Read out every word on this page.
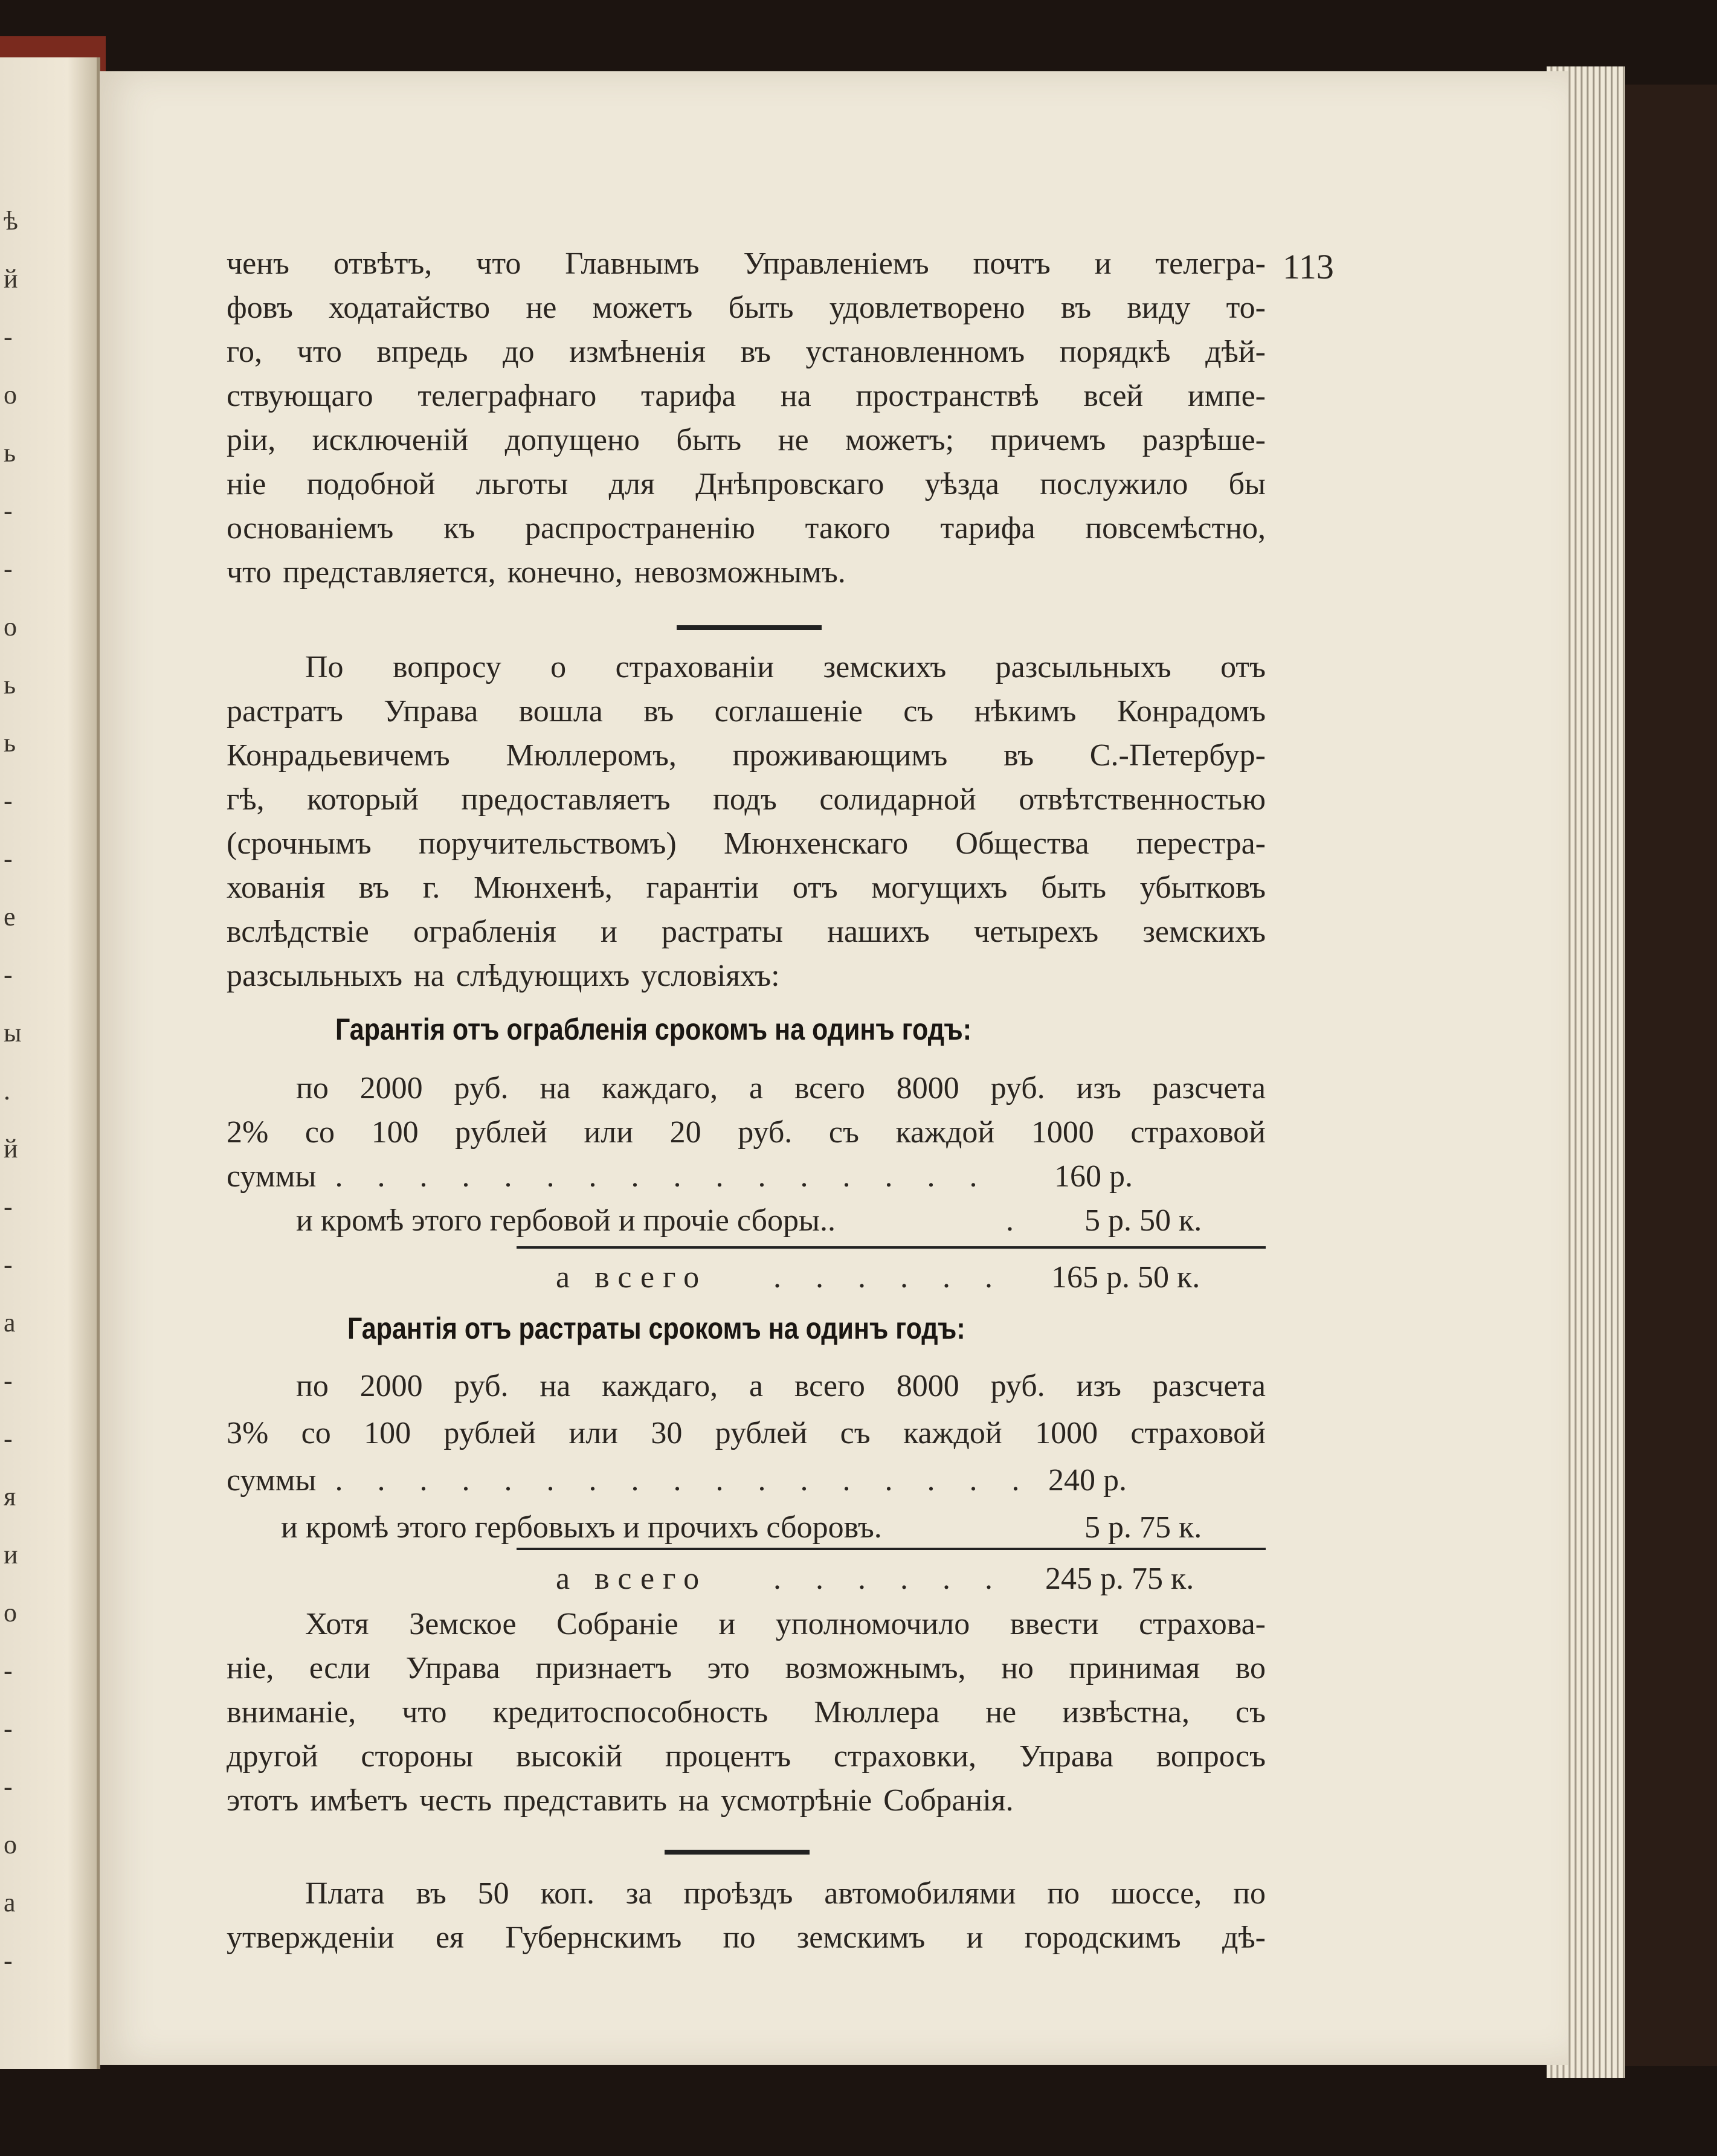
ѣ
й
-
о
ь
-
-
о
ь
ь
-
-
е
-
ы
.
й
-
-
а
-
-
я
и
о
-
-
-
о
а
-
113
ченъ отвѣтъ, что Главнымъ Управленіемъ почтъ и телегра-
фовъ ходатайство не можетъ быть удовлетворено въ виду то-
го, что впредь до измѣненія въ установленномъ порядкѣ дѣй-
ствующаго телеграфнаго тарифа на пространствѣ всей импе-
ріи, исключеній допущено быть не можетъ; причемъ разрѣше-
ніе подобной льготы для Днѣпровскаго уѣзда послужило бы
основаніемъ къ распространенію такого тарифа повсемѣстно,
что представляется, конечно, невозможнымъ.
По вопросу о страхованіи земскихъ разсыльныхъ отъ
растратъ Управа вошла въ соглашеніе съ нѣкимъ Конрадомъ
Конрадьевичемъ Мюллеромъ, проживающимъ въ С.-Петербур-
гѣ, который предоставляетъ подъ солидарной отвѣтственностью
(срочнымъ поручительствомъ) Мюнхенскаго Общества перестра-
хованія въ г. Мюнхенѣ, гарантіи отъ могущихъ быть убытковъ
вслѣдствіе ограбленія и растраты нашихъ четырехъ земскихъ
разсыльныхъ на слѣдующихъ условіяхъ:
Гарантія отъ ограбленія срокомъ на одинъ годъ:
по 2000 руб. на каждаго, а всего 8000 руб. изъ разсчета
2% со 100 рублей или 20 руб. съ каждой 1000 страховой
суммы . . . . . . . . . . . . . . . . 160 р.
и кромѣ этого гербовой и прочіе сборы..	. 5 р. 50 к.
а всего . . . . . . 165 р. 50 к.
Гарантія отъ растраты срокомъ на одинъ годъ:
по 2000 руб. на каждаго, а всего 8000 руб. изъ разсчета
3% со 100 рублей или 30 рублей съ каждой 1000 страховой
суммы . . . . . . . . . . . . . . . . . 240 р.
и кромѣ этого гербовыхъ и прочихъ сборовъ.	5 р. 75 к.
а всего . . . . . . 245 р. 75 к.
Хотя Земское Собраніе и уполномочило ввести страхова-
ніе, если Управа признаетъ это возможнымъ, но принимая во
вниманіе, что кредитоспособность Мюллера не извѣстна, съ
другой стороны высокій процентъ страховки, Управа вопросъ
этотъ имѣетъ честь представить на усмотрѣніе Собранія.
Плата въ 50 коп. за проѣздъ автомобилями по шоссе, по
утвержденіи ея Губернскимъ по земскимъ и городскимъ дѣ-
